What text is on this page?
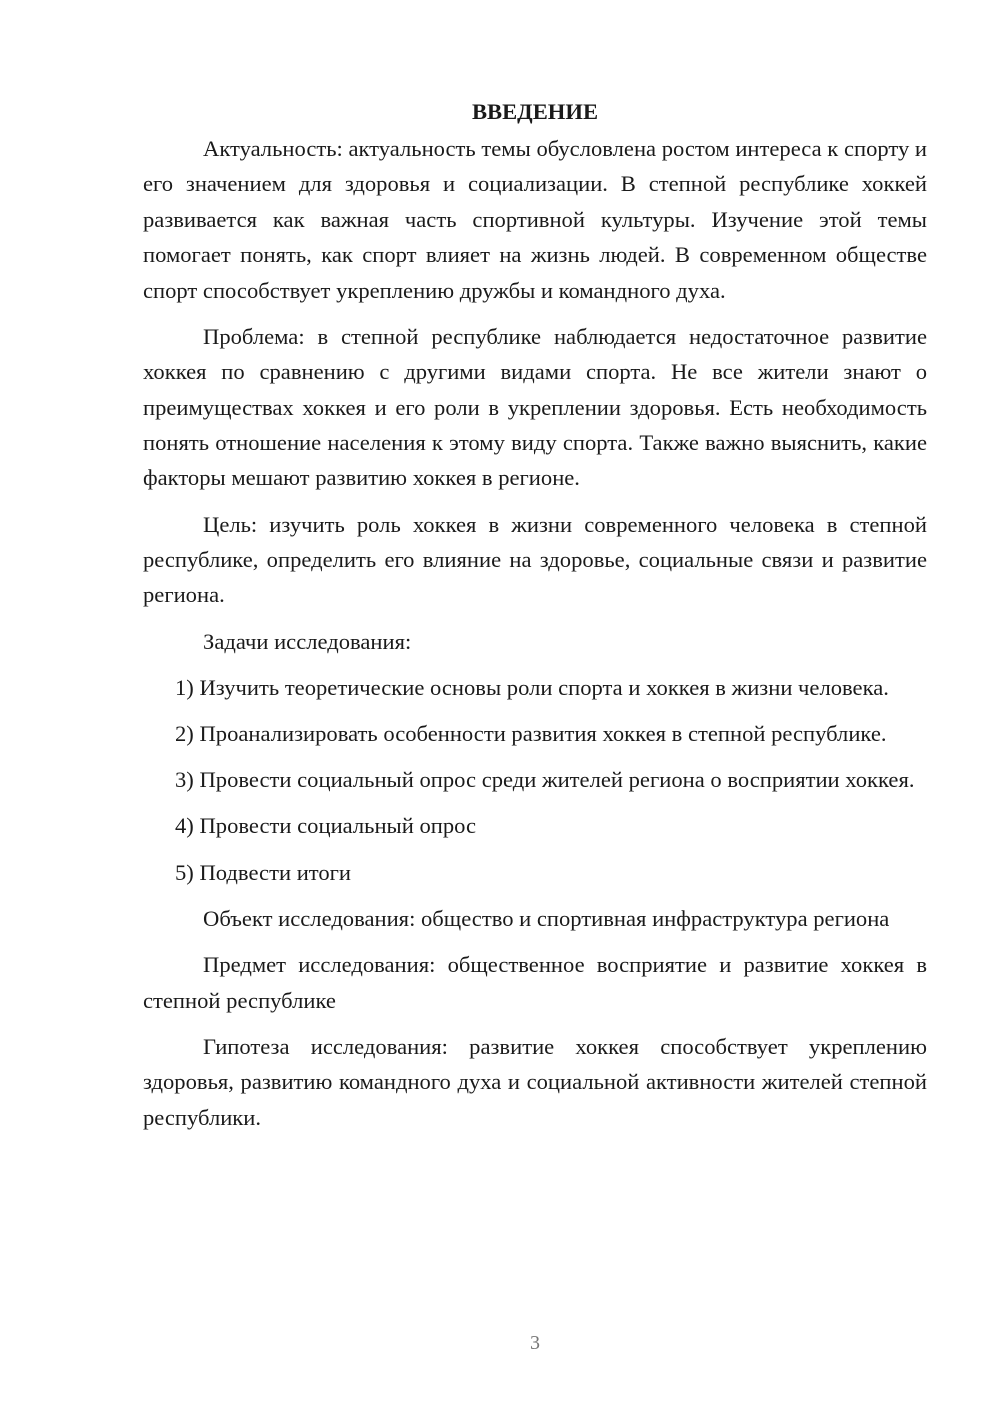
ВВЕДЕНИЕ

Актуальность: актуальность темы обусловлена ростом интереса к спорту и его значением для здоровья и социализации. В степной республике хоккей развивается как важная часть спортивной культуры. Изучение этой темы помогает понять, как спорт влияет на жизнь людей. В современном обществе спорт способствует укреплению дружбы и командного духа.

Проблема: в степной республике наблюдается недостаточное развитие хоккея по сравнению с другими видами спорта. Не все жители знают о преимуществах хоккея и его роли в укреплении здоровья. Есть необходимость понять отношение населения к этому виду спорта. Также важно выяснить, какие факторы мешают развитию хоккея в регионе.

Цель: изучить роль хоккея в жизни современного человека в степной республике, определить его влияние на здоровье, социальные связи и развитие региона.

Задачи исследования:

1) Изучить теоретические основы роли спорта и хоккея в жизни человека.

2) Проанализировать особенности развития хоккея в степной республике.

3) Провести социальный опрос среди жителей региона о восприятии хоккея.

4) Провести социальный опрос

5) Подвести итоги

Объект исследования: общество и спортивная инфраструктура региона

Предмет исследования: общественное восприятие и развитие хоккея в степной республике

Гипотеза исследования: развитие хоккея способствует укреплению здоровья, развитию командного духа и социальной активности жителей степной республики.

3
